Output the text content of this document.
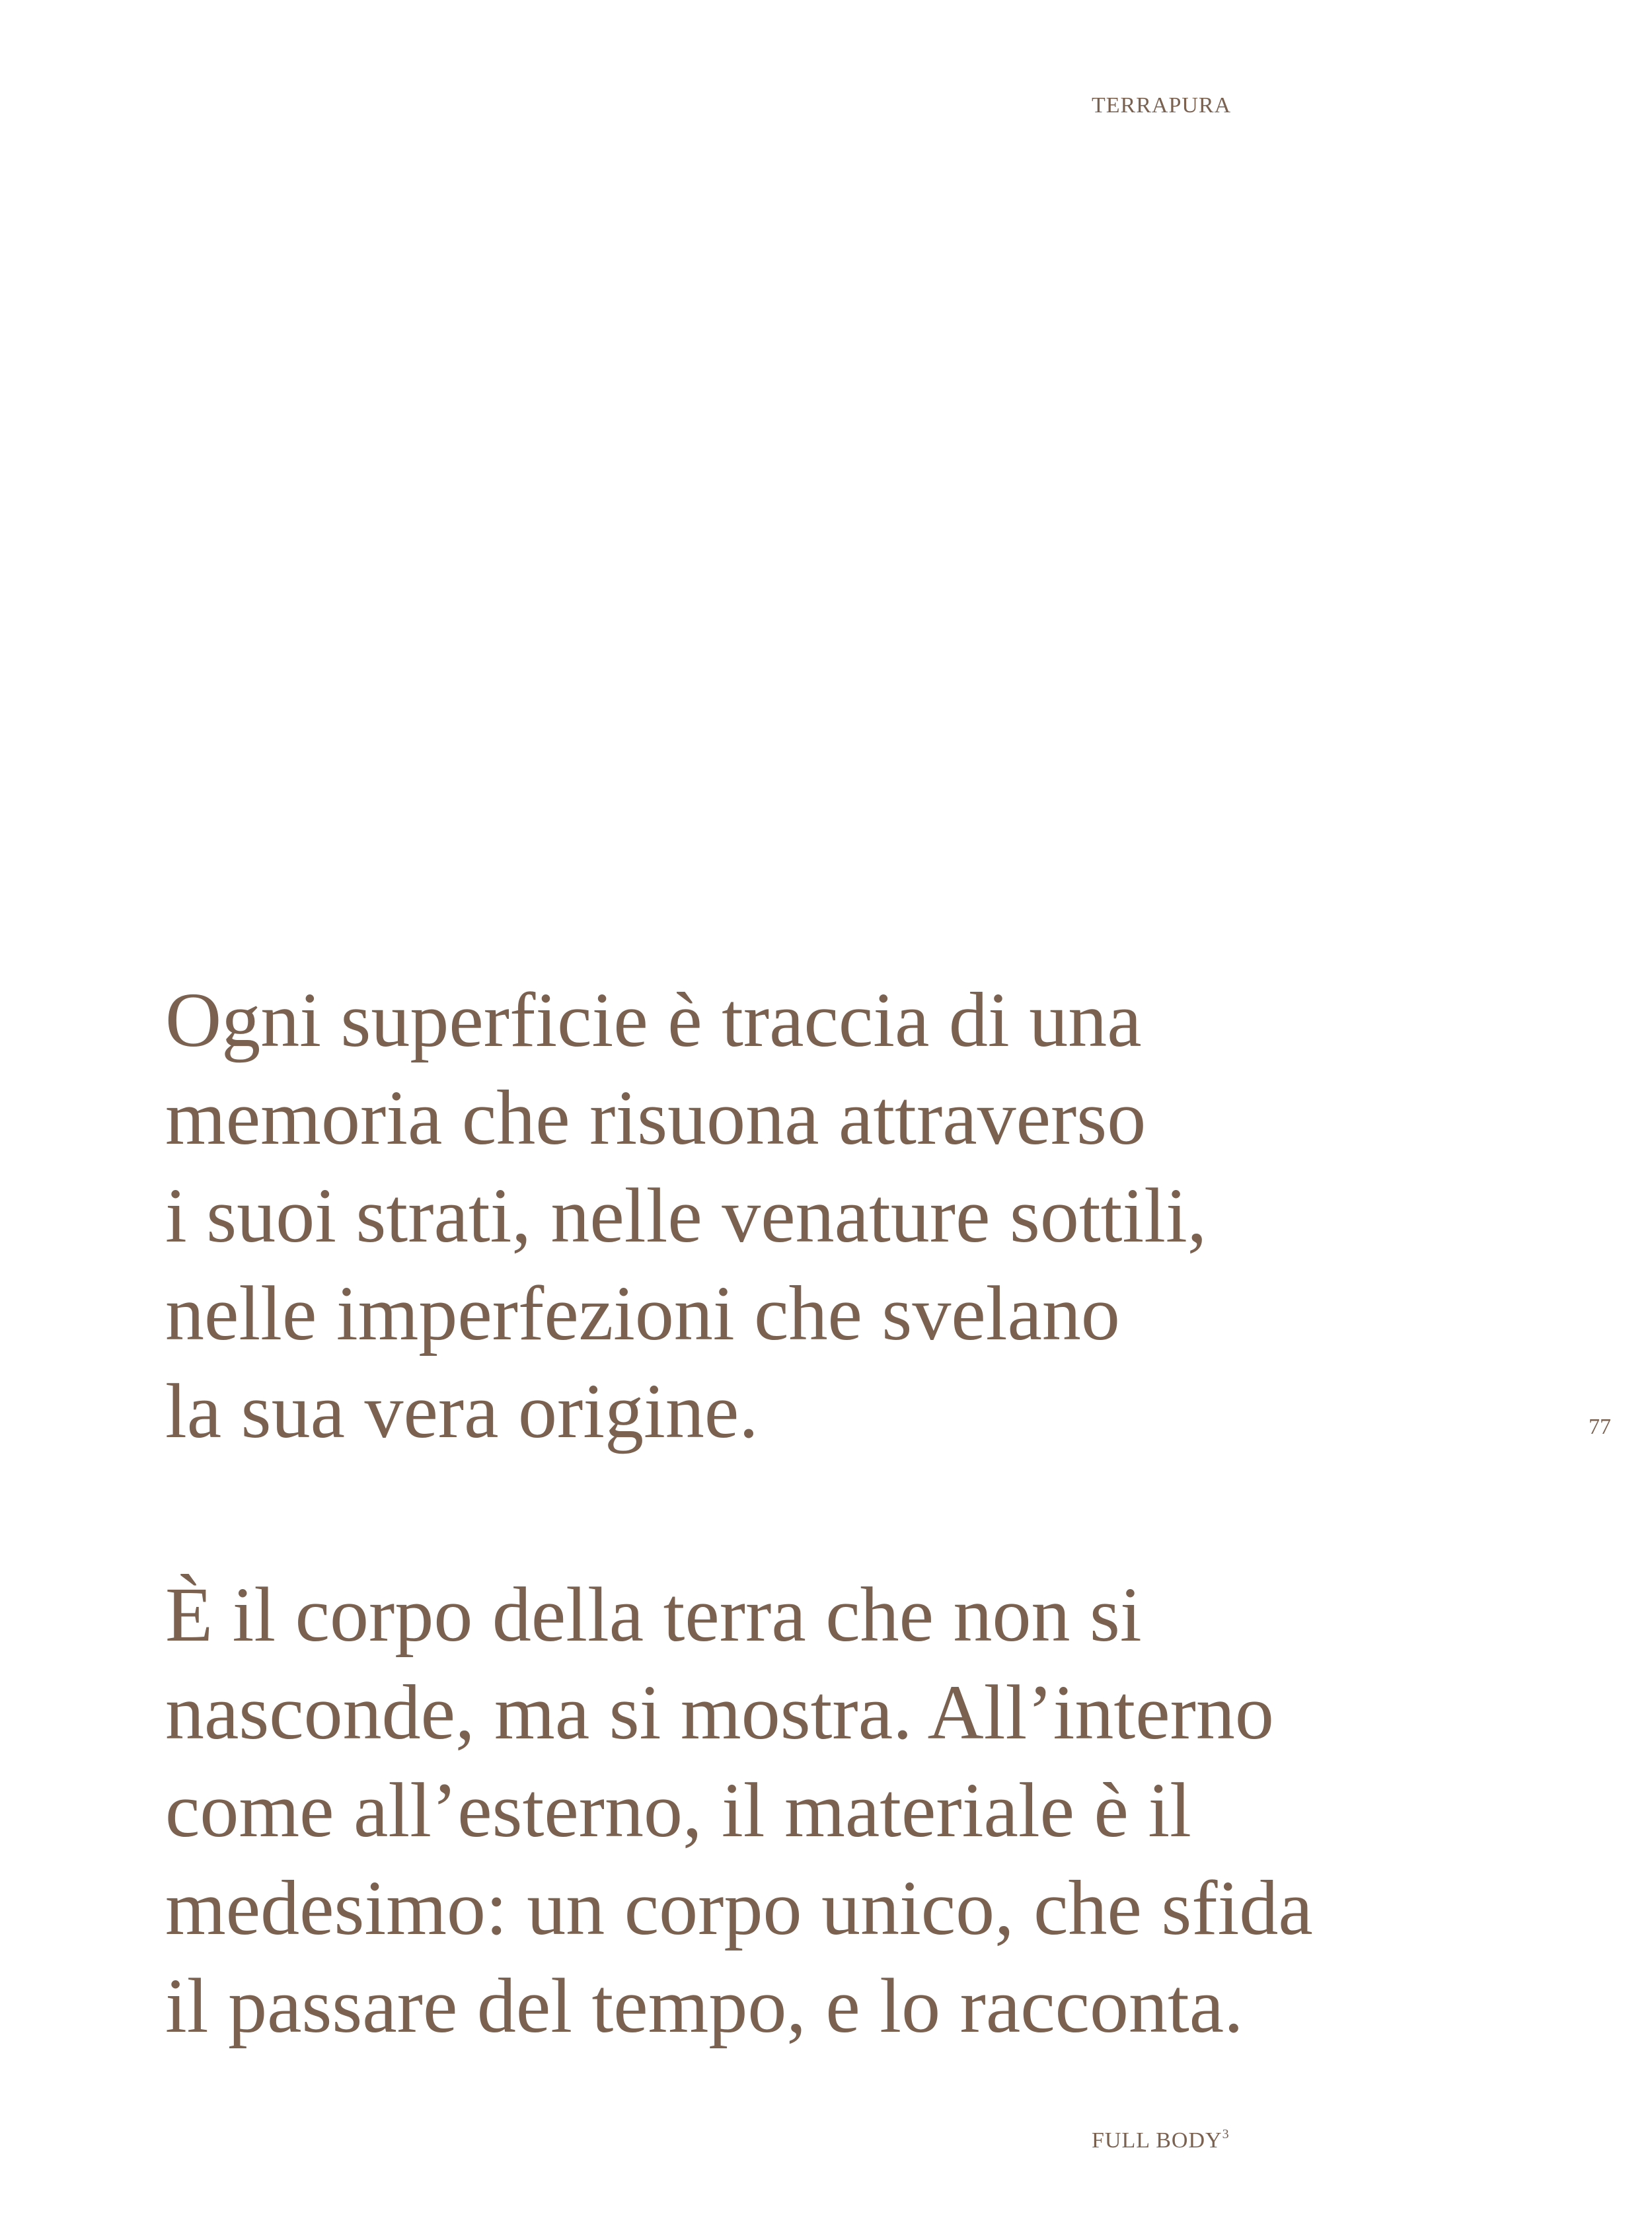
TERRAPURA
77

Ogni superficie è traccia di una
memoria che risuona attraverso
i suoi strati, nelle venature sottili,
nelle imperfezioni che svelano
la sua vera origine.

È il corpo della terra che non si
nasconde, ma si mostra. All’interno
come all’esterno, il materiale è il
medesimo: un corpo unico, che sfida
il passare del tempo, e lo racconta.

FULL BODY$^3$
